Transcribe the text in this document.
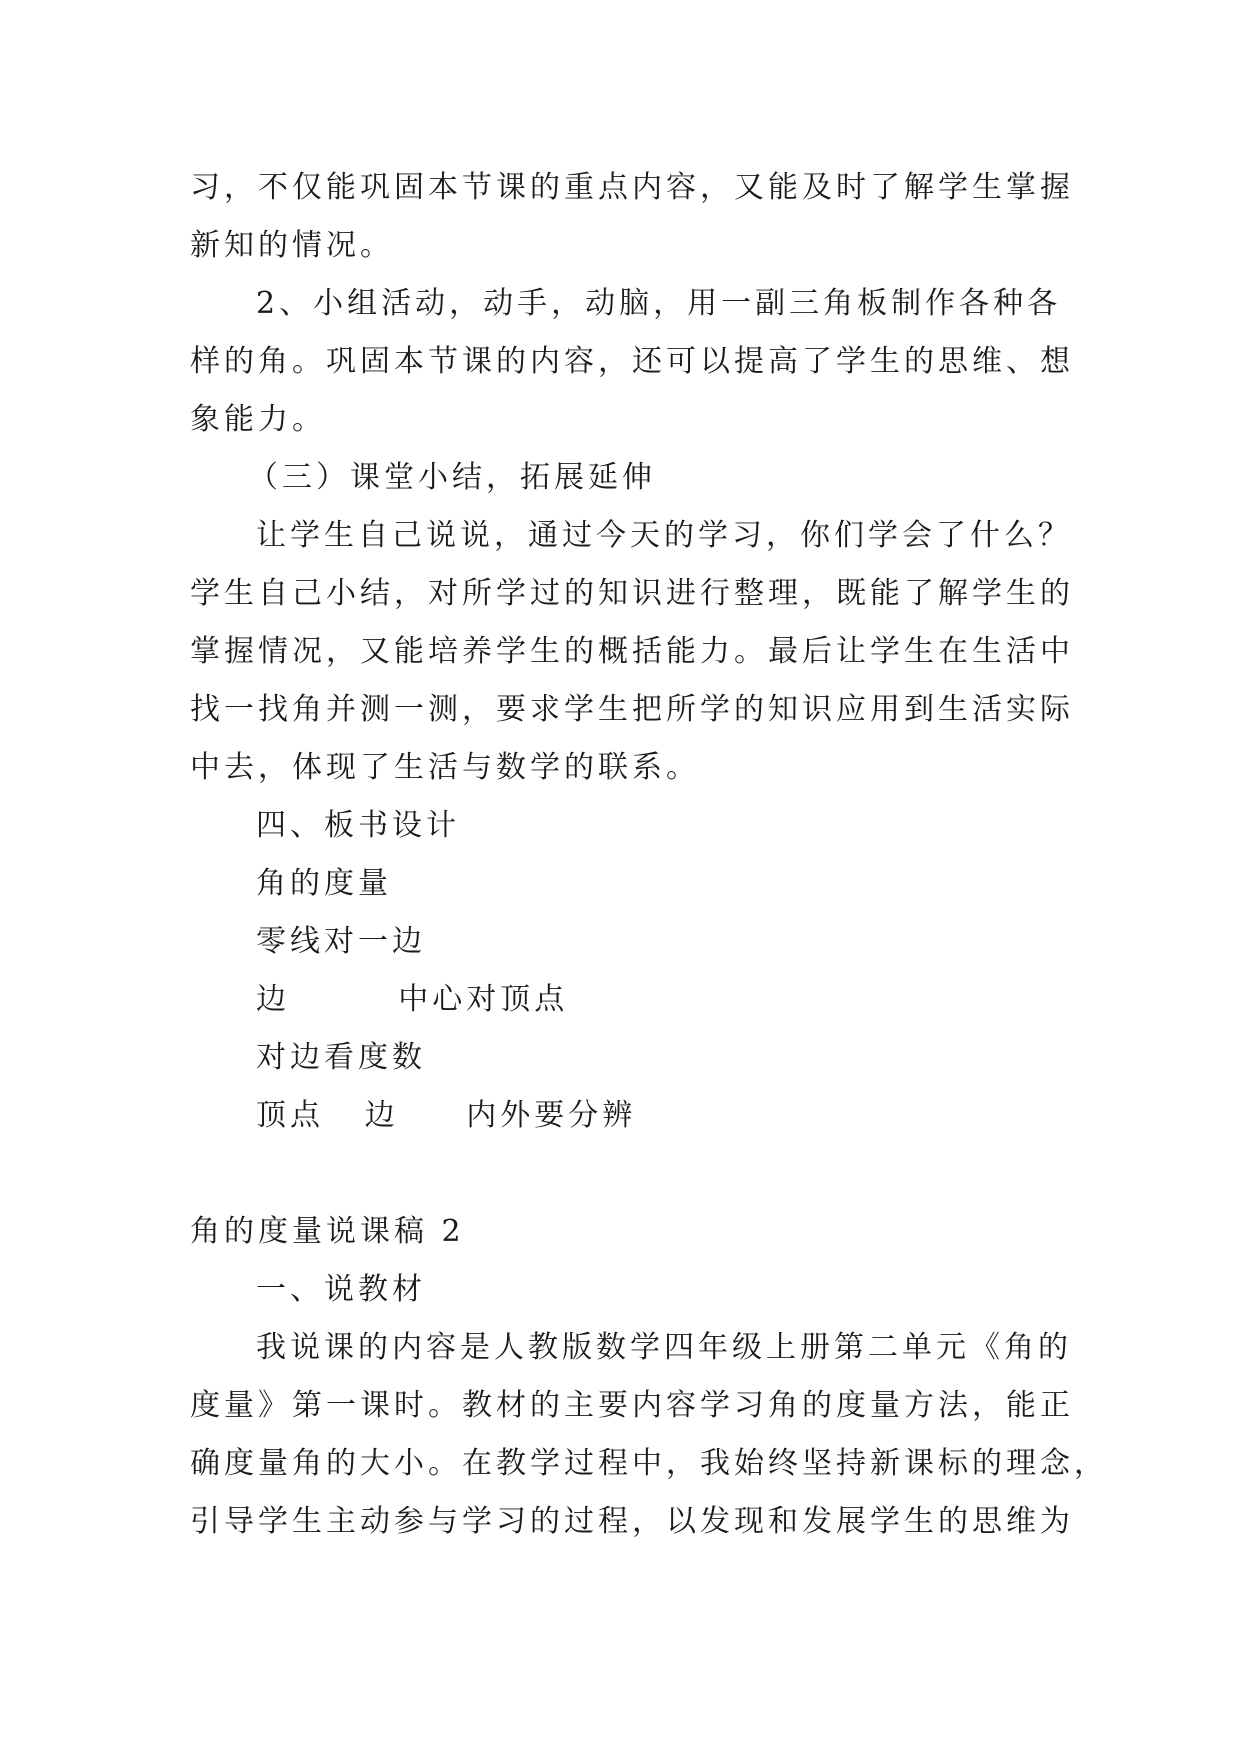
习，不仅能巩固本节课的重点内容，又能及时了解学生掌握
新知的情况。
2、小组活动，动手，动脑，用一副三角板制作各种各
样的角。巩固本节课的内容，还可以提高了学生的思维、想
象能力。
（三）课堂小结，拓展延伸
让学生自己说说，通过今天的学习，你们学会了什么？
学生自己小结，对所学过的知识进行整理，既能了解学生的
掌握情况，又能培养学生的概括能力。最后让学生在生活中
找一找角并测一测，要求学生把所学的知识应用到生活实际
中去，体现了生活与数学的联系。
四、板书设计
角的度量
零线对一边
边        中心对顶点
对边看度数
顶点   边     内外要分辨
角的度量说课稿 2
一、说教材
我说课的内容是人教版数学四年级上册第二单元《角的
度量》第一课时。教材的主要内容学习角的度量方法，能正
确度量角的大小。在教学过程中，我始终坚持新课标的理念，
引导学生主动参与学习的过程，以发现和发展学生的思维为
